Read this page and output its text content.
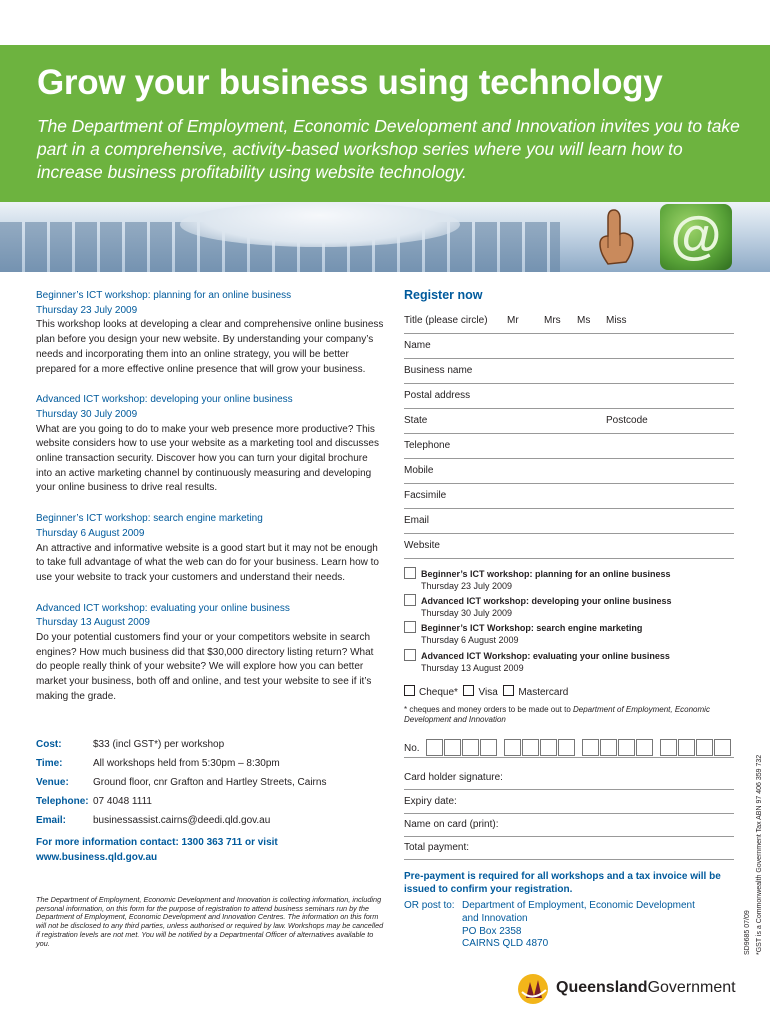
Grow your business using technology

The Department of Employment, Economic Development and Innovation invites you to take part in a comprehensive, activity-based workshop series where you will learn how to increase business profitability using website technology.

@
Beginner’s ICT workshop: planning for an online business
Thursday 23 July 2009

This workshop looks at developing a clear and comprehensive online business plan before you design your new website. By understanding your company’s needs and incorporating them into an online strategy, you will be better prepared for a more effective online presence that will grow your business.

Advanced ICT workshop: developing your online business
Thursday 30 July 2009

What are you going to do to make your web presence more productive? This website considers how to use your website as a marketing tool and discusses online transaction security. Discover how you can turn your digital brochure into an active marketing channel by continuously measuring and developing your online business to drive real results.

Beginner’s ICT workshop: search engine marketing
Thursday 6 August 2009

An attractive and informative website is a good start but it may not be enough to take full advantage of what the web can do for your business. Learn how to use your website to track your customers and understand their needs.

Advanced ICT workshop: evaluating your online business
Thursday 13 August 2009

Do your potential customers find your or your competitors website in search engines? How much business did that $30,000 directory listing return? What do people really think of your website? We will explore how you can better market your business, both off and online, and test your website to see if it’s making the grade.

Cost:	$33 (incl GST*) per workshop
Time:	All workshops held from 5:30pm – 8:30pm
Venue: Ground floor, cnr Grafton and Hartley Streets, Cairns
Telephone: 07 4048 1111
Email:	businessassist.cairns@deedi.qld.gov.au
For more information contact: 1300 363 711 or visit
www.business.qld.gov.au
The Department of Employment, Economic Development and Innovation is collecting information, including personal information, on this form for the purpose of registration to attend business seminars run by the Department of Employment, Economic Development and Innovation Centres. The information on this form will not be disclosed to any third parties, unless authorised or required by law. Workshops may be cancelled if registration levels are not met. You will be notified by a Departmental Officer of alternatives available to you.
Register now
Title (please circle) Mr	Mrs Ms Miss
Name
Business name
Postal address
State	Postcode
Telephone
Mobile
Facsimile
Email
Website
Beginner’s ICT workshop: planning for an online business
Thursday 23 July 2009
Advanced ICT workshop: developing your online business
Thursday 30 July 2009
Beginner’s ICT Workshop: search engine marketing
Thursday 6 August 2009
Advanced ICT Workshop: evaluating your online business
Thursday 13 August 2009
Cheque* Visa Mastercard
* cheques and money orders to be made out to Department of Employment, Economic Development and Innovation
No.
Card holder signature:
Expiry date:
Name on card (print):
Total payment:
Pre-payment is required for all workshops and a tax invoice will be issued to confirm your registration.
OR post to: Department of Employment, Economic Development
and Innovation
PO Box 2358
CAIRNS QLD 4870	*GST is a Commonwealth Government Tax ABN 97 406 359 732
SD9685 07/09
QueenslandGovernment
